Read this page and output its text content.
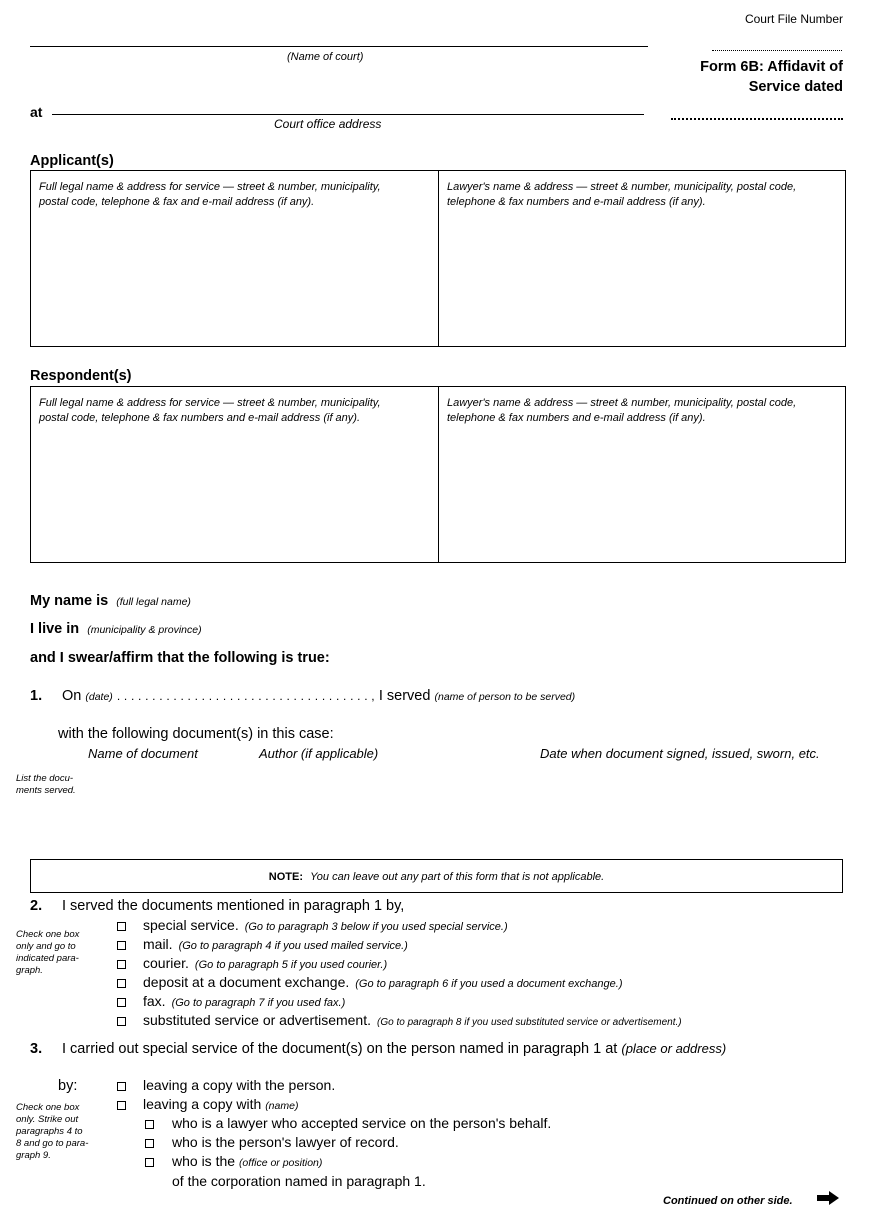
Court File Number
(Name of court)
at
Court office address
Form 6B: Affidavit of
Service dated
Applicant(s)
Full legal name & address for service — street & number, municipality,
postal code, telephone & fax and e-mail address (if any).
Lawyer's name & address — street & number, municipality, postal code,
telephone & fax numbers and e-mail address (if any).
Respondent(s)
Full legal name & address for service — street & number, municipality,
postal code, telephone & fax numbers and e-mail address (if any).
Lawyer's name & address — street & number, municipality, postal code,
telephone & fax numbers and e-mail address (if any).
My name is (full legal name)
I live in (municipality & province)
and I swear/affirm that the following is true:
1. On (date) . . . . . . . . . . . . . . . . . . . . . . . . . . . . . . . . . . . . , I served (name of person to be served)
with the following document(s) in this case:
Name of document	Author (if applicable)	Date when document signed, issued, sworn, etc.
List the docu-
ments served.
NOTE: You can leave out any part of this form that is not applicable.
2. I served the documents mentioned in paragraph 1 by,
Check one box
only and go to
indicated para-
graph.
special service. (Go to paragraph 3 below if you used special service.)
mail. (Go to paragraph 4 if you used mailed service.)
courier. (Go to paragraph 5 if you used courier.)
deposit at a document exchange. (Go to paragraph 6 if you used a document exchange.)
fax. (Go to paragraph 7 if you used fax.)
substituted service or advertisement. (Go to paragraph 8 if you used substituted service or advertisement.)
3. I carried out special service of the document(s) on the person named in paragraph 1 at (place or address)
by:
Check one box
only. Strike out
paragraphs 4 to
8 and go to para-
graph 9.
leaving a copy with the person.
leaving a copy with (name)
who is a lawyer who accepted service on the person's behalf.
who is the person's lawyer of record.
who is the (office or position)
of the corporation named in paragraph 1.
Continued on other side.
